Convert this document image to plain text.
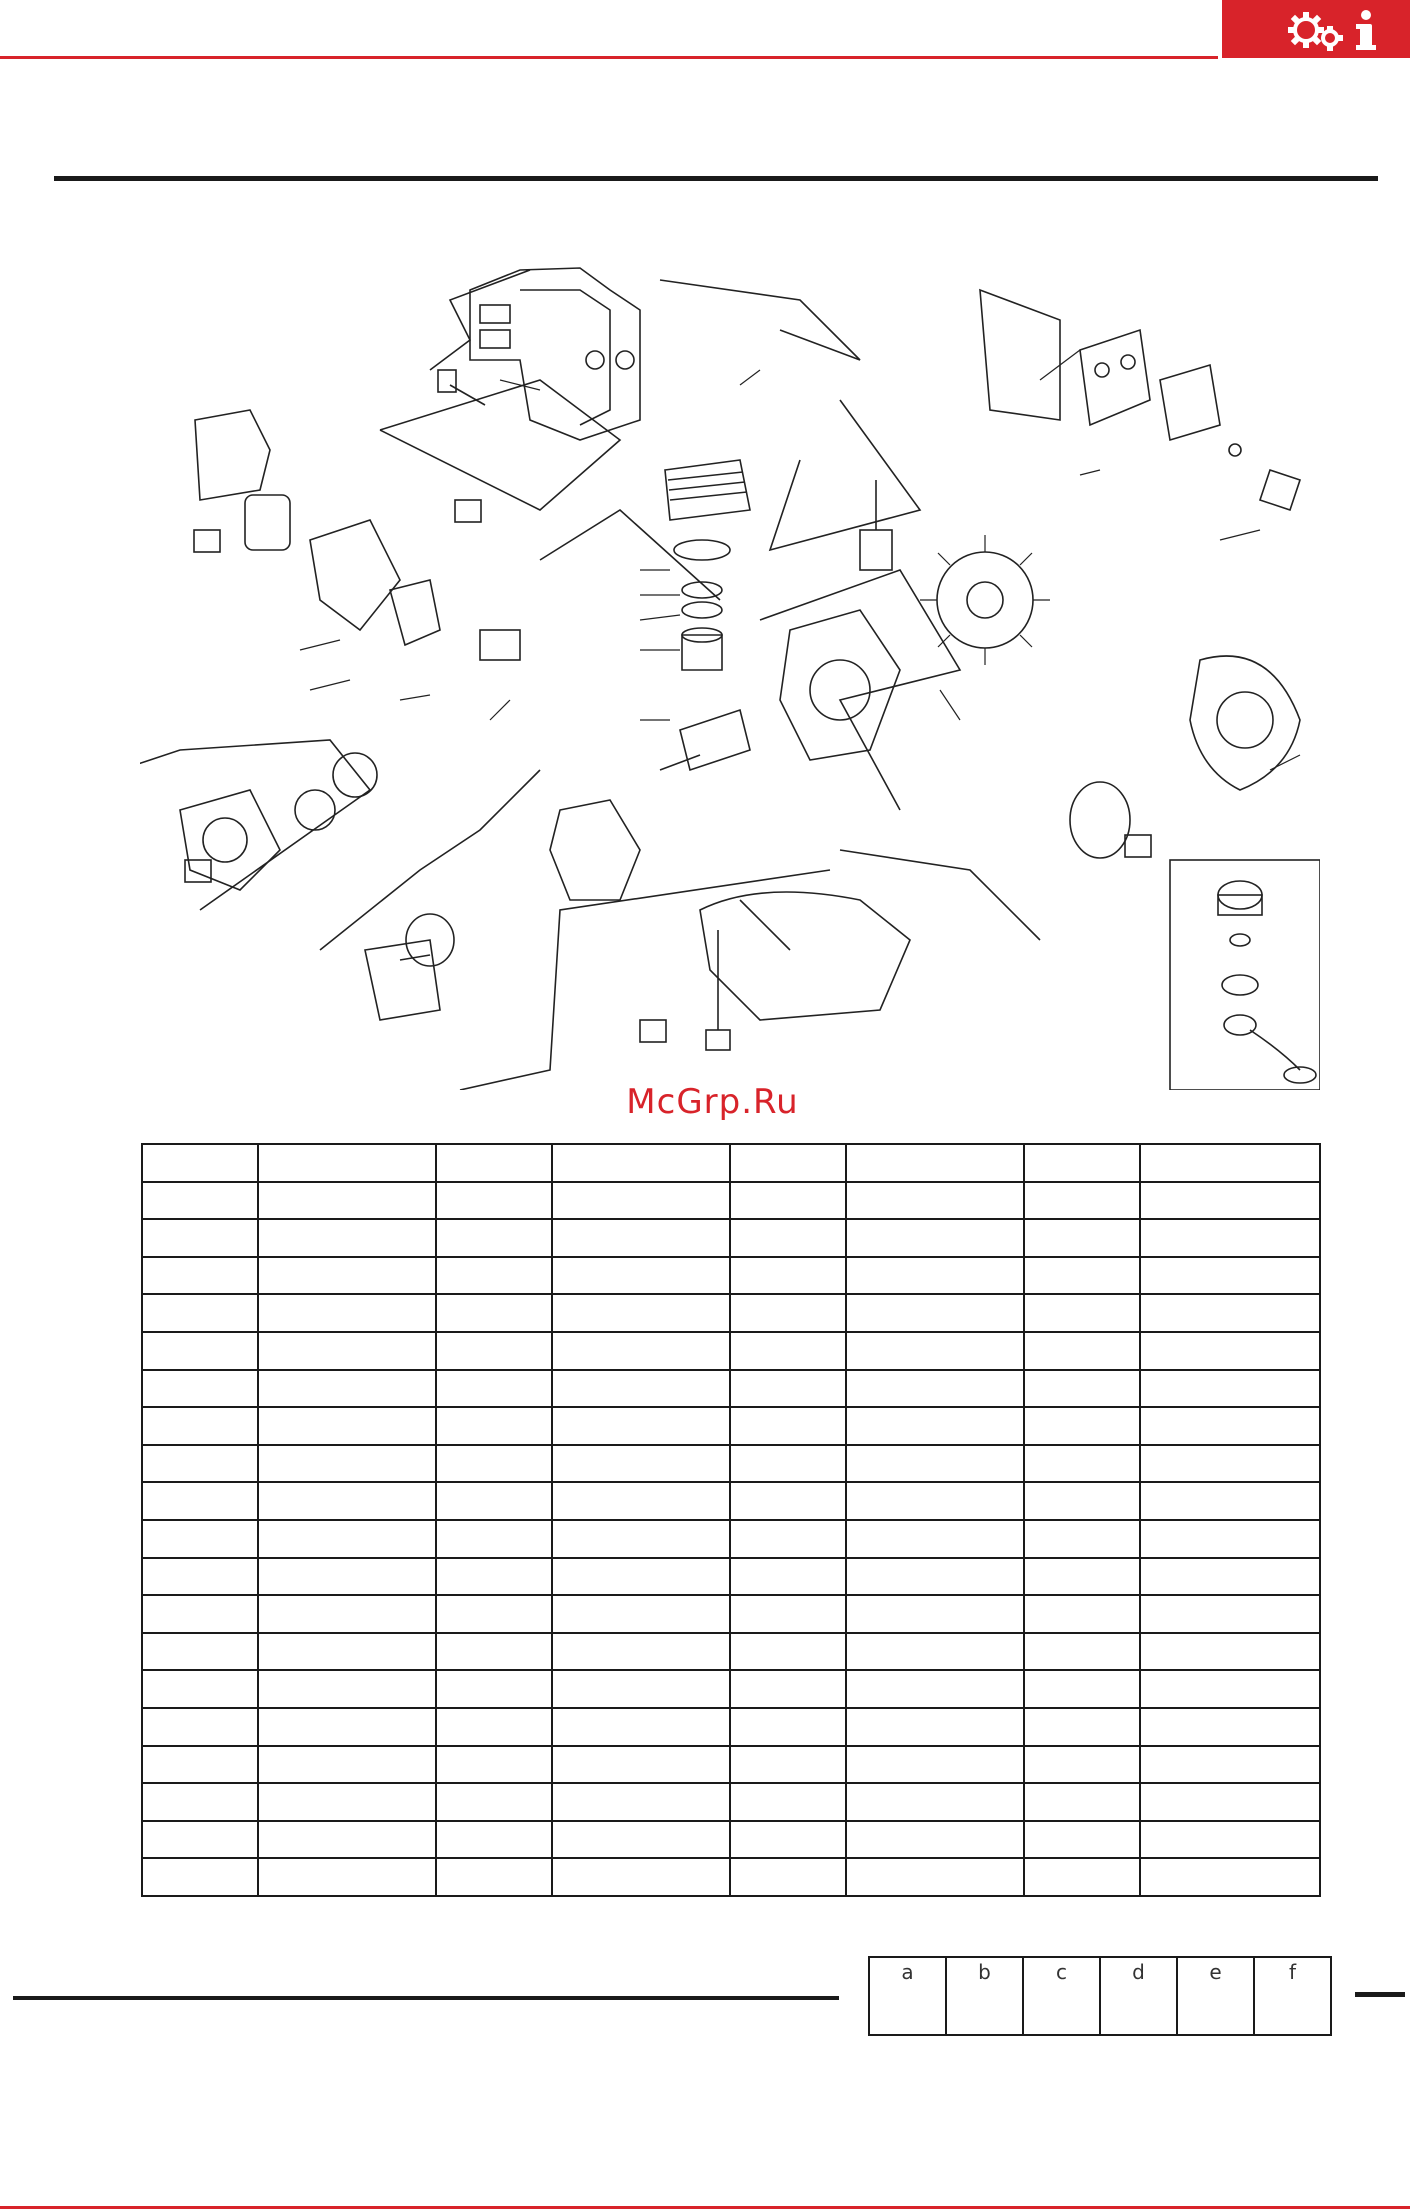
McGrp.Ru

a	b	c	d	e	f
